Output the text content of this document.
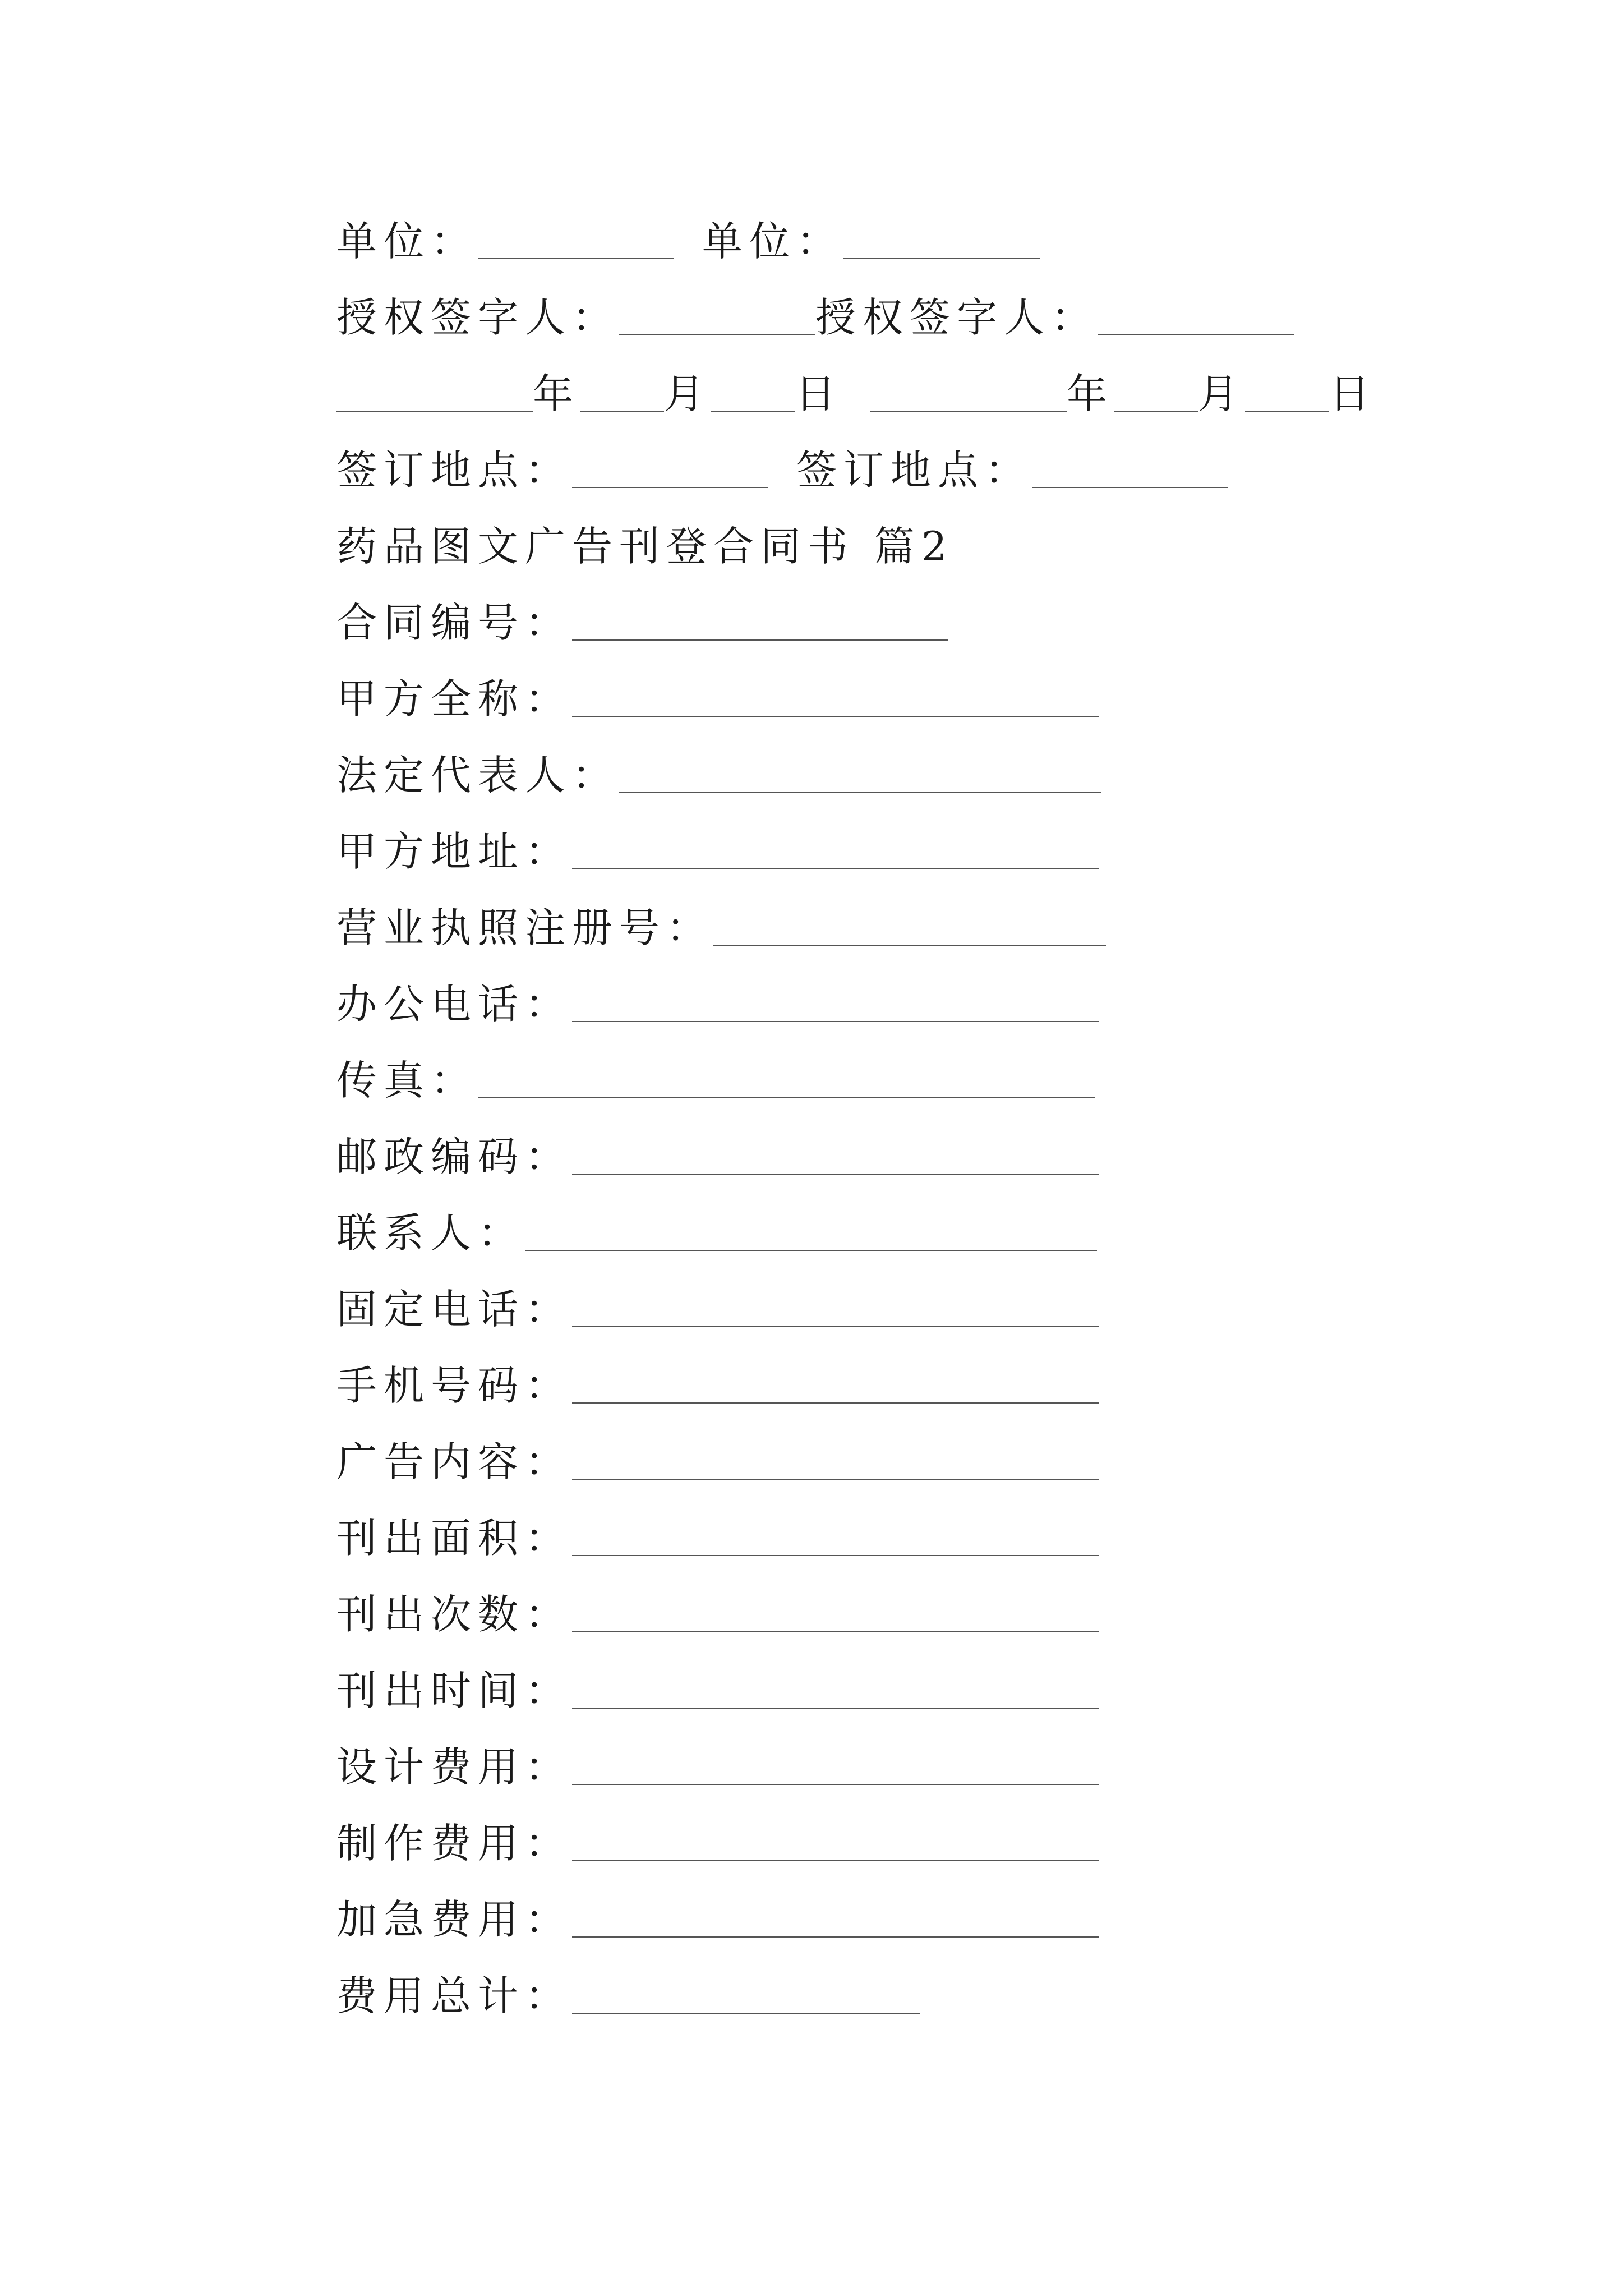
单位：	单位：
授权签字人：	授权签字人：
年 月 日	年 月 日
签订地点：	签订地点：
药品图文广告刊登合同书 篇2
合同编号：
甲方全称：
法定代表人：
甲方地址：
营业执照注册号：
办公电话：
传真：
邮政编码：
联系人：
固定电话：
手机号码：
广告内容：
刊出面积：
刊出次数：
刊出时间：
设计费用：
制作费用：
加急费用：
费用总计：
